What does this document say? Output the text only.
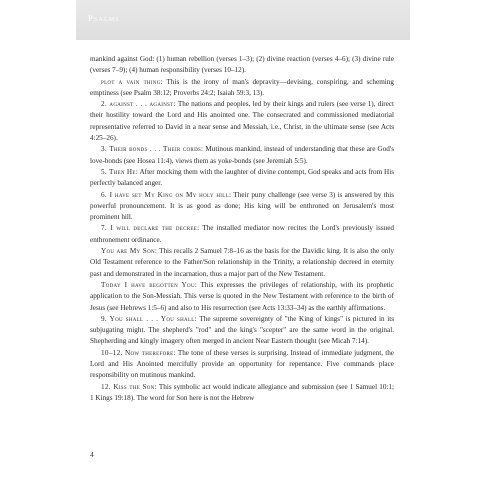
Psalms

mankind against God: (1) human rebellion (verses 1–3); (2) divine reaction (verses 4–6); (3) divine rule (verses 7–9); (4) human responsibility (verses 10–12).

plot a vain thing: This is the irony of man's depravity—devising, conspiring, and scheming emptiness (see Psalm 38:12; Proverbs 24:2; Isaiah 59:3, 13).

2. against . . . against: The nations and peoples, led by their kings and rulers (see verse 1), direct their hostility toward the Lord and His anointed one. The consecrated and commissioned mediatorial representative referred to David in a near sense and Messiah, i.e., Christ, in the ultimate sense (see Acts 4:25–26).

3. Their bonds . . . Their cords: Mutinous mankind, instead of understanding that these are God's love-bonds (see Hosea 11:4), views them as yoke-bonds (see Jeremiah 5:5).

5. Then He: After mocking them with the laughter of divine contempt, God speaks and acts from His perfectly balanced anger.

6. I have set My King on My holy hill: Their puny challenge (see verse 3) is answered by this powerful pronouncement. It is as good as done; His king will be enthroned on Jerusalem's most prominent hill.

7. I will declare the decree: The installed mediator now recites the Lord's previously issued enthronement ordinance.

You are My Son: This recalls 2 Samuel 7:8–16 as the basis for the Davidic king. It is also the only Old Testament reference to the Father/Son relationship in the Trinity, a relationship decreed in eternity past and demonstrated in the incarnation, thus a major part of the New Testament.

Today I have begotten You: This expresses the privileges of relationship, with its prophetic application to the Son-Messiah. This verse is quoted in the New Testament with reference to the birth of Jesus (see Hebrews 1:5–6) and also to His resurrection (see Acts 13:33–34) as the earthly affirmations.

9. You shall . . . You shall: The supreme sovereignty of "the King of kings" is pictured in its subjugating might. The shepherd's "rod" and the king's "scepter" are the same word in the original. Shepherding and kingly imagery often merged in ancient Near Eastern thought (see Micah 7:14).

10–12. Now therefore: The tone of these verses is surprising. Instead of immediate judgment, the Lord and His Anointed mercifully provide an opportunity for repentance. Five commands place responsibility on mutinous mankind.

12. Kiss the Son: This symbolic act would indicate allegiance and submission (see 1 Samuel 10:1; 1 Kings 19:18). The word for Son here is not the Hebrew

4
